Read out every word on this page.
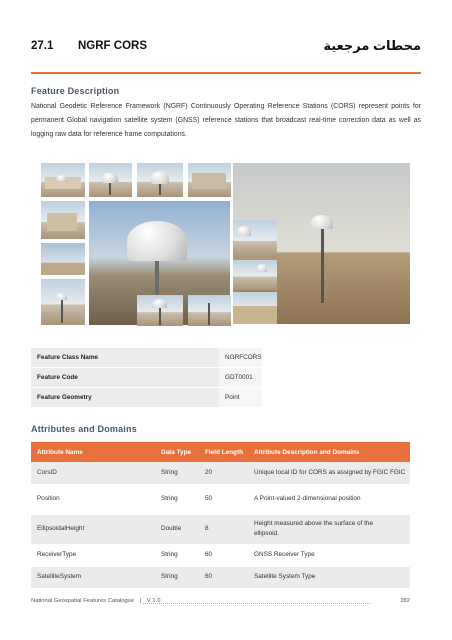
27.1 NGRF CORS	محطات مرجعية
Feature Description
National Geodetic Reference Framework (NGRF) Continuously Operating Reference Stations (CORS) represent points for permanent Global navigation satellite system (GNSS) reference stations that broadcast real-time correction data as well as logging raw data for reference frame computations.
Feature Class Name	NGRFCORS
Feature Code	GDT0001
Feature Geometry	Point
Attributes and Domains
Attribute Name	Data Type	Field Length	Attribute Description and Domains
CorsID	String	20	Unique local ID for CORS as assigned by FGIC FGIC
Position	String	50	A Point-valued 2-dimensional position
EllipsoidalHeight	Double	8	Height measured above the surface of the ellipsoid.
ReceiverType	String	60	GNSS Receiver Type
SatelliteSystem	String	60	Satellite System Type
National Geospatial Features Catalogue | V 1.0	282
